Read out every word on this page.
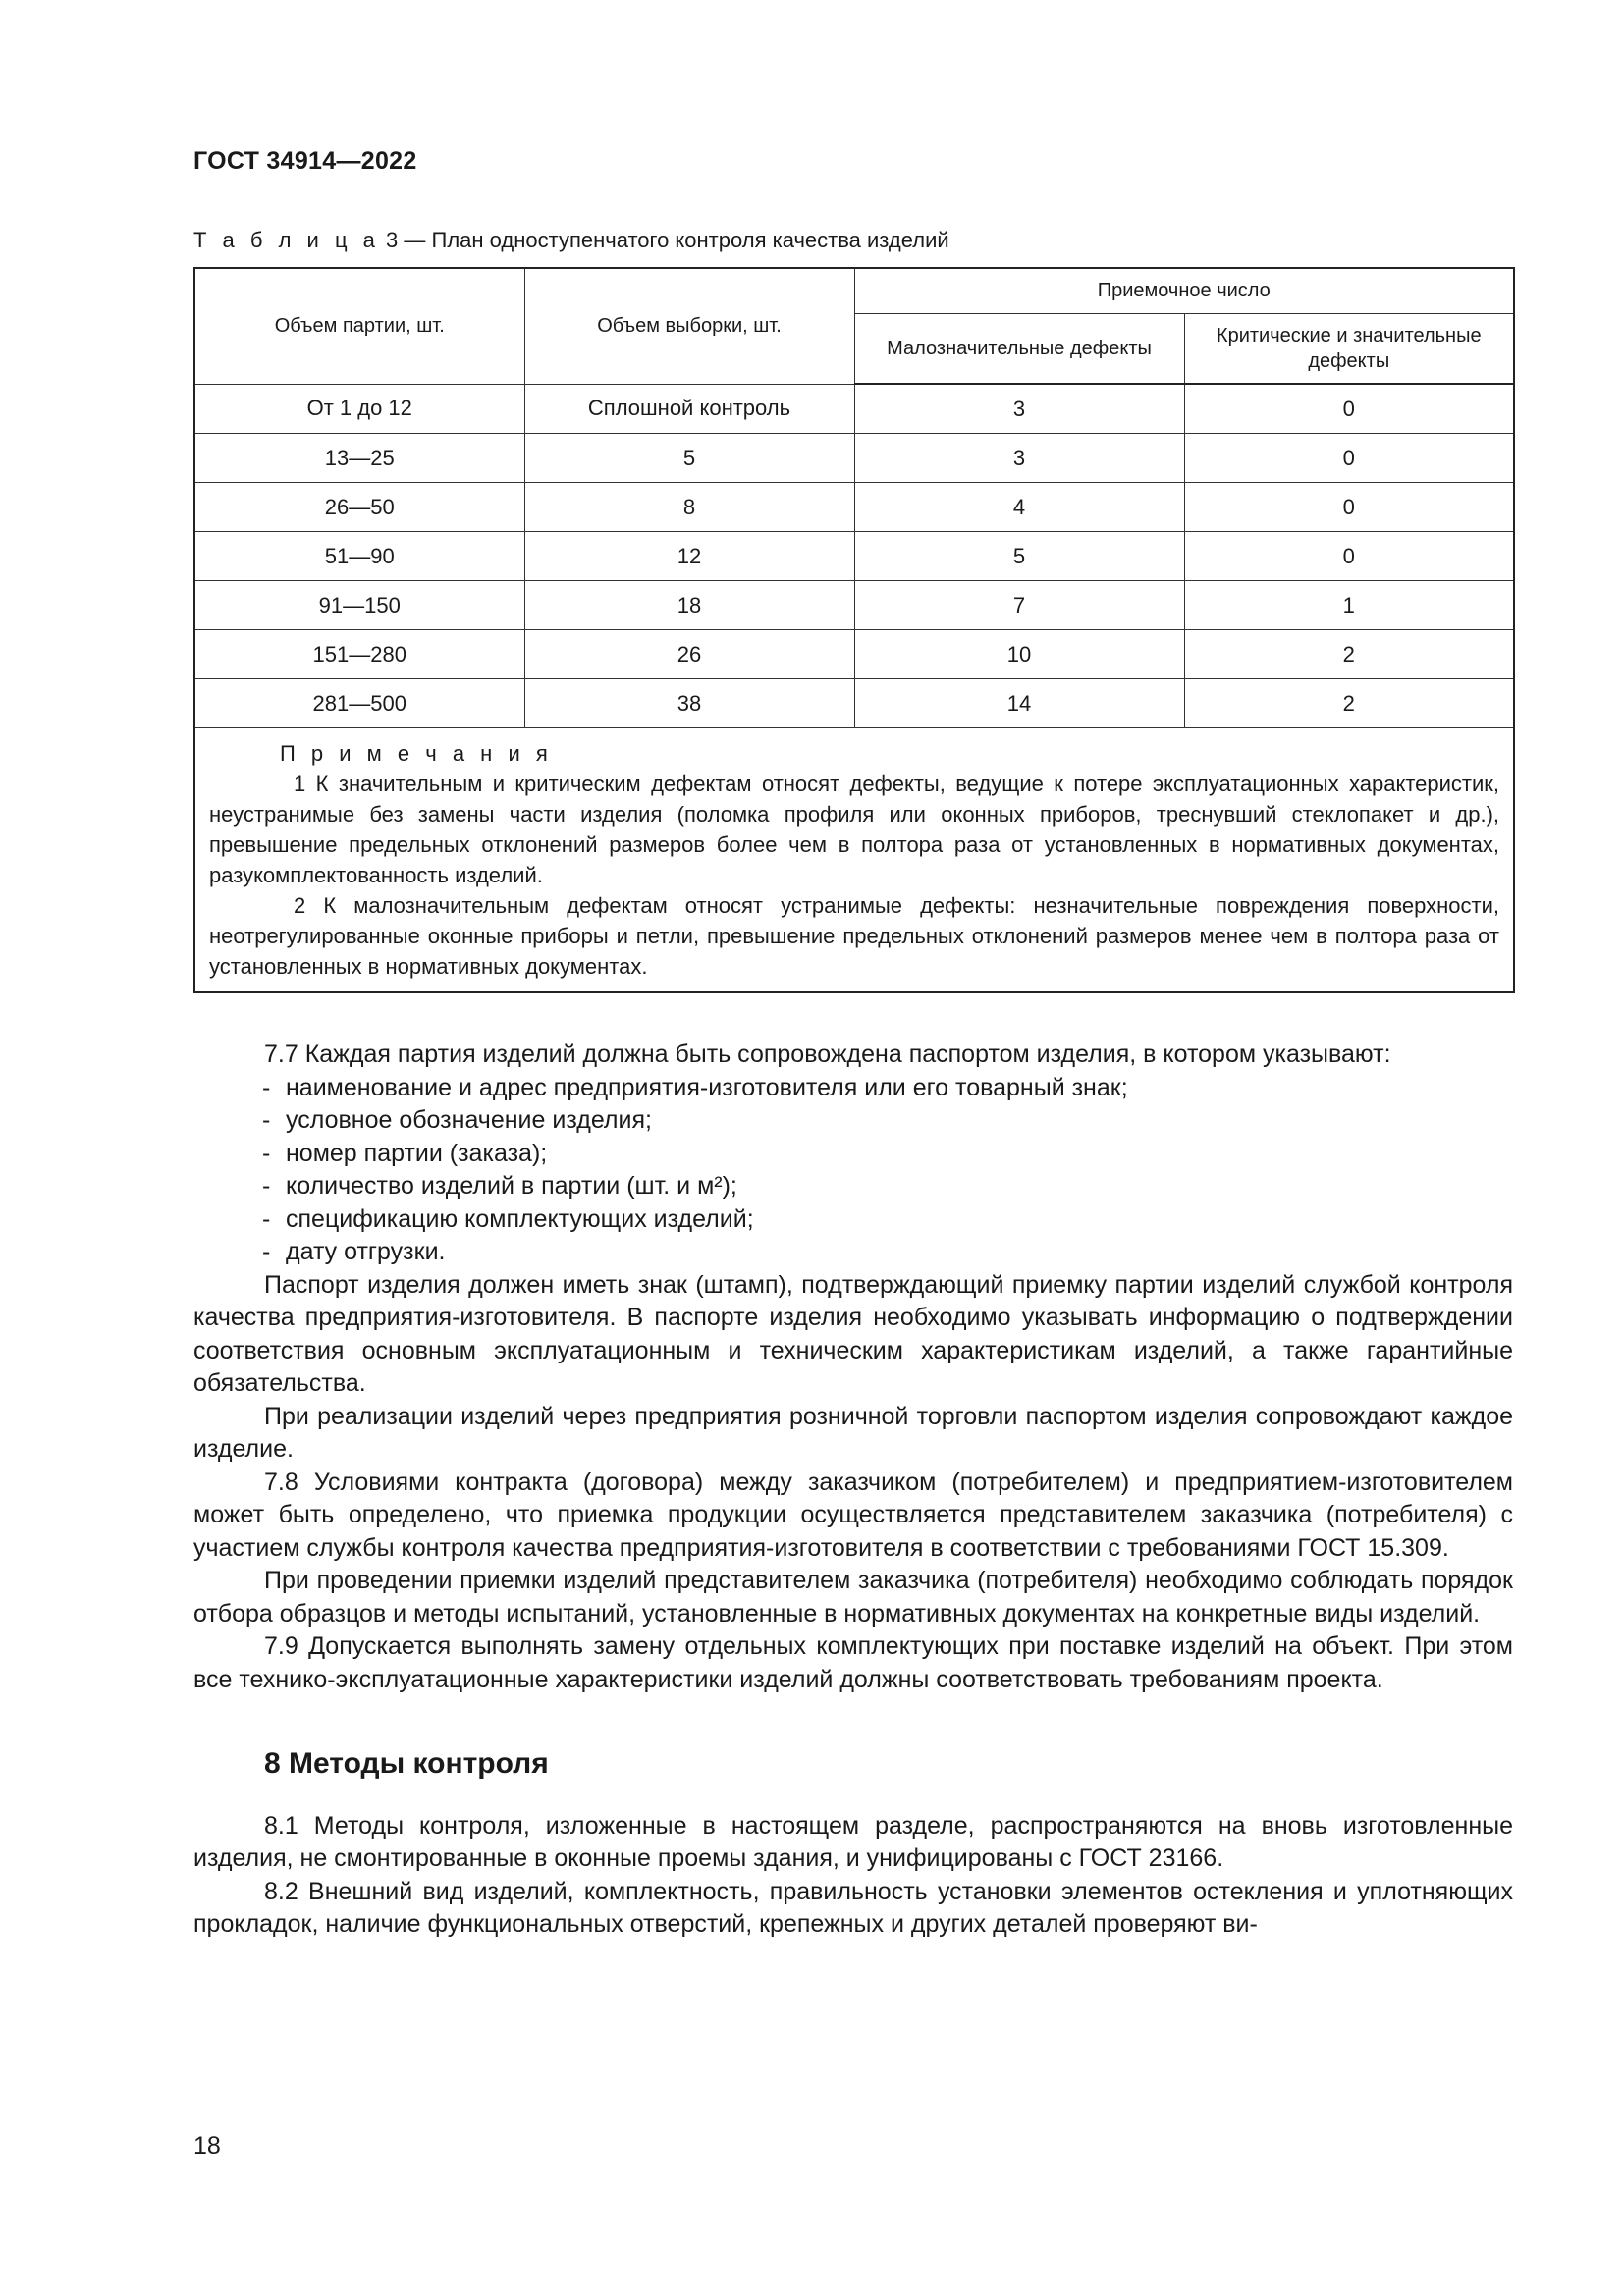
ГОСТ 34914—2022
Т а б л и ц а 3 — План одноступенчатого контроля качества изделий
Объем партии, шт.	Объем выборки, шт.	Приемочное число	
		Малозначительные дефекты	Критические и значительные дефекты
От 1 до 12	Сплошной контроль	3	0
13—25	5	3	0
26—50	8	4	0
51—90	12	5	0
91—150	18	7	1
151—280	26	10	2
281—500	38	14	2

П р и м е ч а н и я

1 К значительным и критическим дефектам относят дефекты, ведущие к потере эксплуатационных характеристик, неустранимые без замены части изделия (поломка профиля или оконных приборов, треснувший стеклопакет и др.), превышение предельных отклонений размеров более чем в полтора раза от установленных в нормативных документах, разукомплектованность изделий.

2 К малозначительным дефектам относят устранимые дефекты: незначительные повреждения поверхности, неотрегулированные оконные приборы и петли, превышение предельных отклонений размеров менее чем в полтора раза от установленных в нормативных документах.			

7.7 Каждая партия изделий должна быть сопровождена паспортом изделия, в котором указывают:

- наименование и адрес предприятия-изготовителя или его товарный знак;

- условное обозначение изделия;

- номер партии (заказа);

- количество изделий в партии (шт. и м²);

- спецификацию комплектующих изделий;

- дату отгрузки.

Паспорт изделия должен иметь знак (штамп), подтверждающий приемку партии изделий службой контроля качества предприятия-изготовителя. В паспорте изделия необходимо указывать информацию о подтверждении соответствия основным эксплуатационным и техническим характеристикам изделий, а также гарантийные обязательства.

При реализации изделий через предприятия розничной торговли паспортом изделия сопровождают каждое изделие.

7.8 Условиями контракта (договора) между заказчиком (потребителем) и предприятием-изготовителем может быть определено, что приемка продукции осуществляется представителем заказчика (потребителя) с участием службы контроля качества предприятия-изготовителя в соответствии с требованиями ГОСТ 15.309.

При проведении приемки изделий представителем заказчика (потребителя) необходимо соблюдать порядок отбора образцов и методы испытаний, установленные в нормативных документах на конкретные виды изделий.

7.9 Допускается выполнять замену отдельных комплектующих при поставке изделий на объект. При этом все технико-эксплуатационные характеристики изделий должны соответствовать требованиям проекта.

8 Методы контроля

8.1 Методы контроля, изложенные в настоящем разделе, распространяются на вновь изготовленные изделия, не смонтированные в оконные проемы здания, и унифицированы с ГОСТ 23166.

8.2 Внешний вид изделий, комплектность, правильность установки элементов остекления и уплотняющих прокладок, наличие функциональных отверстий, крепежных и других деталей проверяют ви-

18
